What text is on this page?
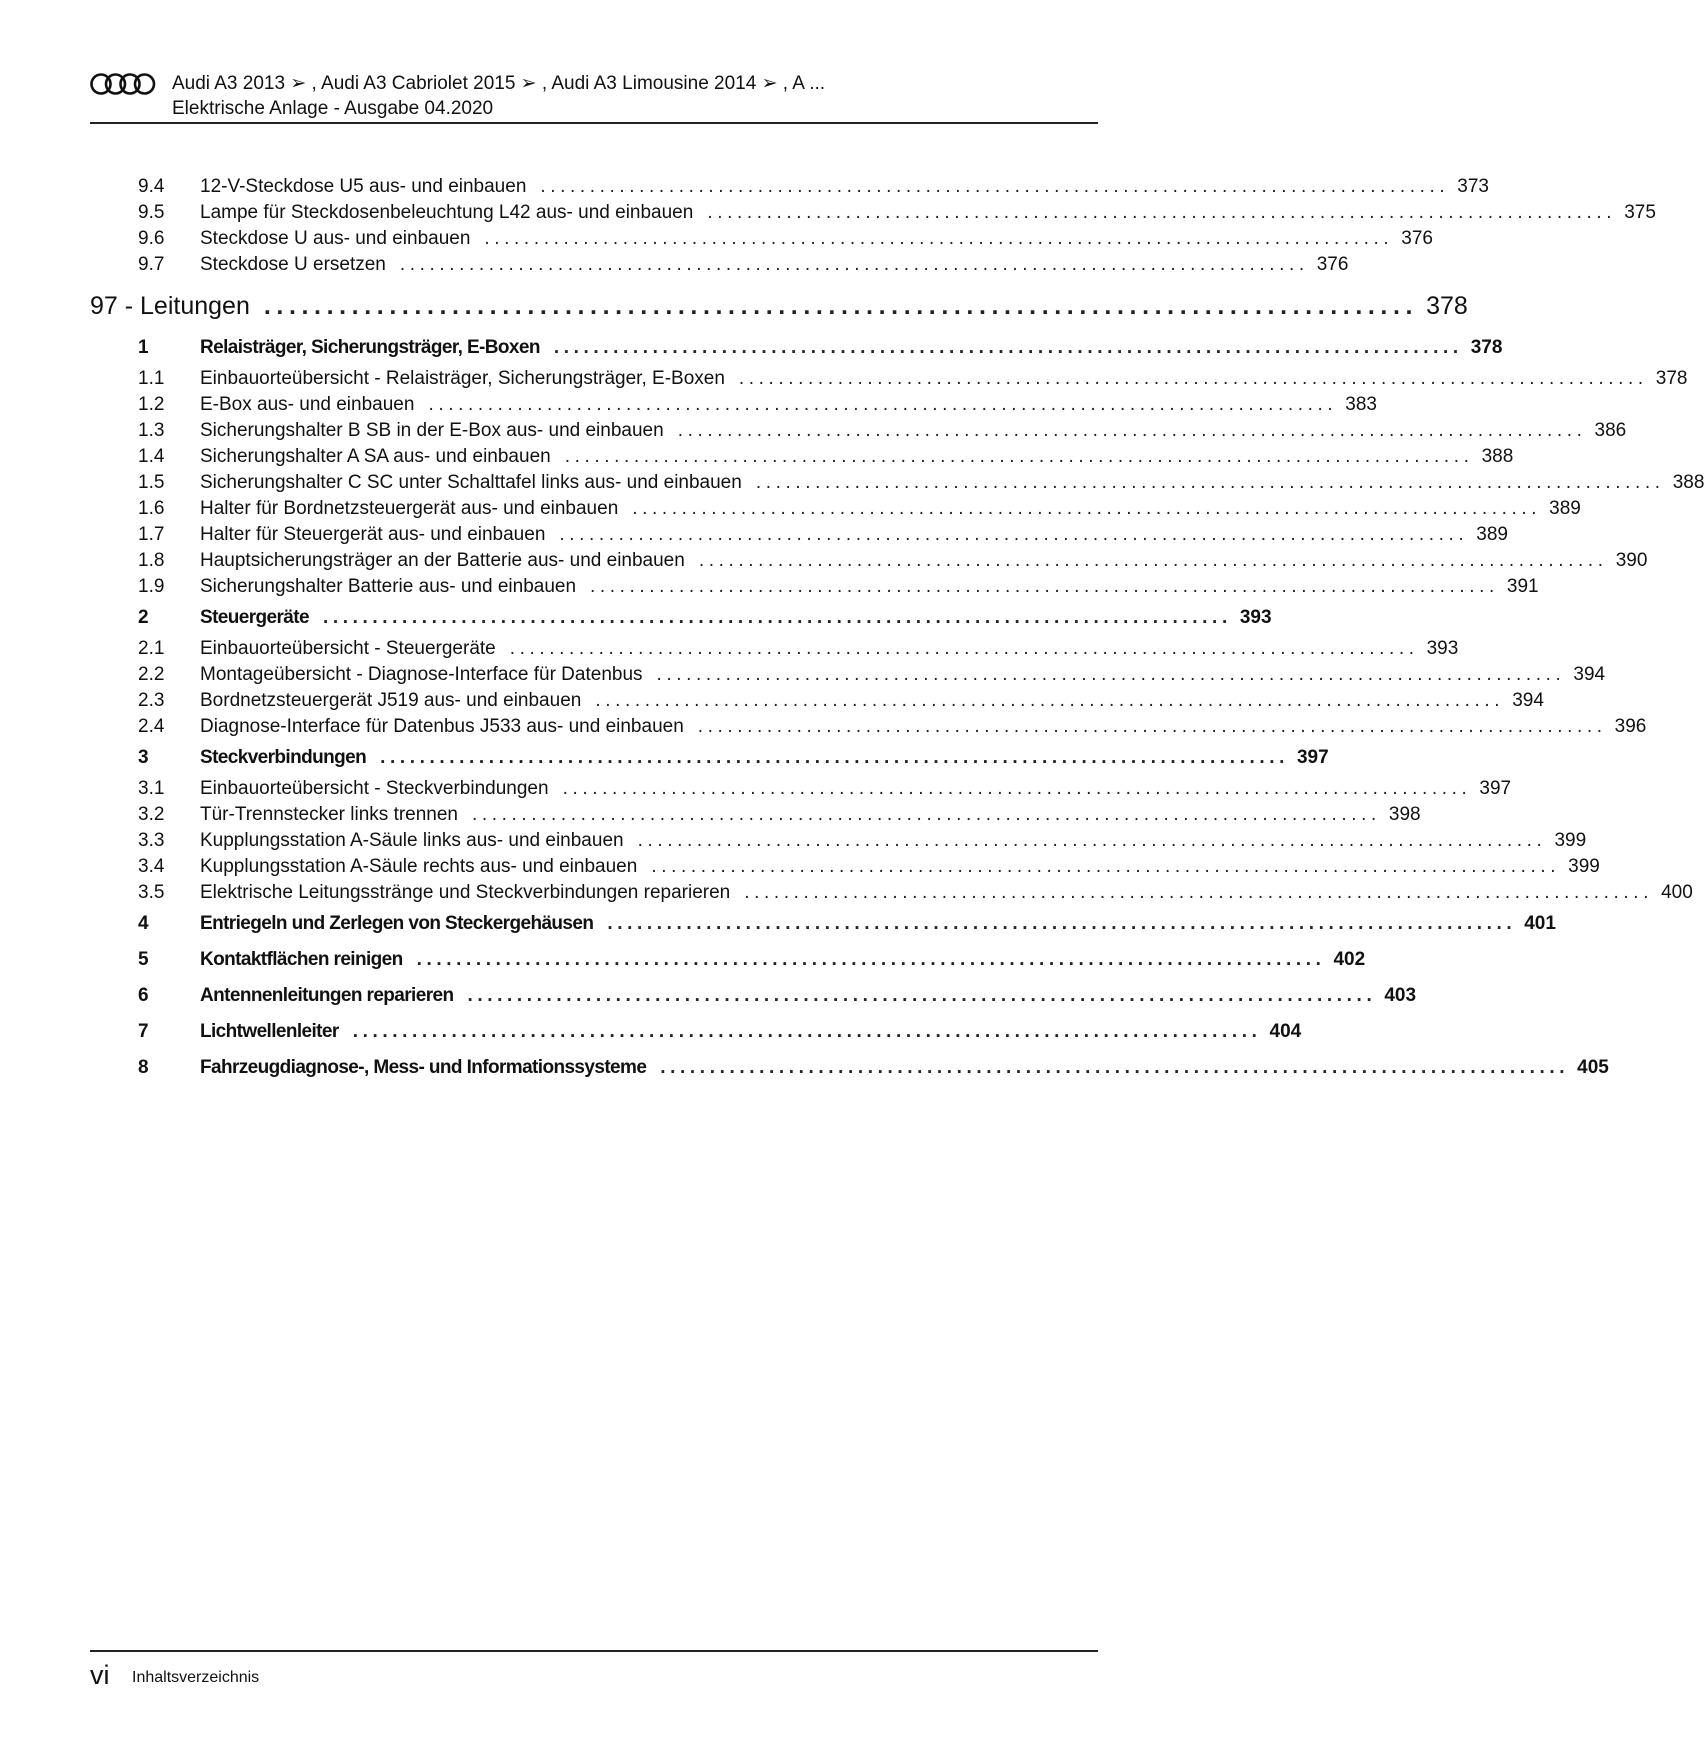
Audi A3 2013 ➢ , Audi A3 Cabriolet 2015 ➢ , Audi A3 Limousine 2014 ➢ , A ...
Elektrische Anlage - Ausgabe 04.2020
9.4	12-V-Steckdose U5 aus- und einbauen ............................................................................................ 373
9.5	Lampe für Steckdosenbeleuchtung L42 aus- und einbauen ............................................................................................ 375
9.6	Steckdose U aus- und einbauen ............................................................................................ 376
9.7	Steckdose U ersetzen ............................................................................................ 376
97 - Leitungen ............................................................................................ 378
1	Relaisträger, Sicherungsträger, E-Boxen ............................................................................................ 378
1.1	Einbauorteübersicht - Relaisträger, Sicherungsträger, E-Boxen ............................................................................................ 378
1.2	E-Box aus- und einbauen ............................................................................................ 383
1.3	Sicherungshalter B SB in der E-Box aus- und einbauen ............................................................................................ 386
1.4	Sicherungshalter A SA aus- und einbauen ............................................................................................ 388
1.5	Sicherungshalter C SC unter Schalttafel links aus- und einbauen ............................................................................................ 388
1.6	Halter für Bordnetzsteuergerät aus- und einbauen ............................................................................................ 389
1.7	Halter für Steuergerät aus- und einbauen ............................................................................................ 389
1.8	Hauptsicherungsträger an der Batterie aus- und einbauen ............................................................................................ 390
1.9	Sicherungshalter Batterie aus- und einbauen ............................................................................................ 391
2	Steuergeräte ............................................................................................ 393
2.1	Einbauorteübersicht - Steuergeräte ............................................................................................ 393
2.2	Montageübersicht - Diagnose-Interface für Datenbus ............................................................................................ 394
2.3	Bordnetzsteuergerät J519 aus- und einbauen ............................................................................................ 394
2.4	Diagnose-Interface für Datenbus J533 aus- und einbauen ............................................................................................ 396
3	Steckverbindungen ............................................................................................ 397
3.1	Einbauorteübersicht - Steckverbindungen ............................................................................................ 397
3.2	Tür-Trennstecker links trennen ............................................................................................ 398
3.3	Kupplungsstation A-Säule links aus- und einbauen ............................................................................................ 399
3.4	Kupplungsstation A-Säule rechts aus- und einbauen ............................................................................................ 399
3.5	Elektrische Leitungsstränge und Steckverbindungen reparieren ............................................................................................ 400
4	Entriegeln und Zerlegen von Steckergehäusen ............................................................................................ 401
5	Kontaktflächen reinigen ............................................................................................ 402
6	Antennenleitungen reparieren ............................................................................................ 403
7	Lichtwellenleiter ............................................................................................ 404
8	Fahrzeugdiagnose-, Mess- und Informationssysteme ............................................................................................ 405
vi Inhaltsverzeichnis
